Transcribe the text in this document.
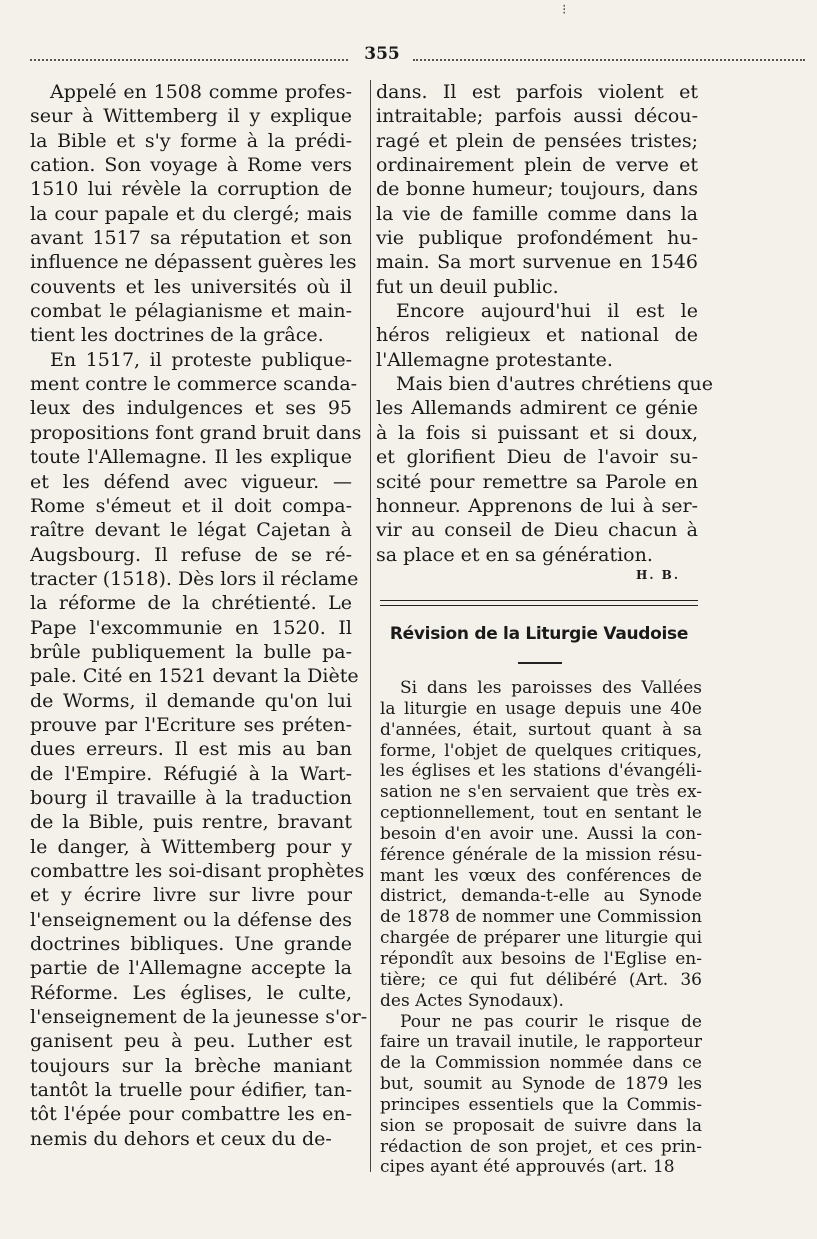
355
⁝
Appelé en 1508 comme profes-
seur à Wittemberg il y explique
la Bible et s'y forme à la prédi-
cation. Son voyage à Rome vers
1510 lui révèle la corruption de
la cour papale et du clergé; mais
avant 1517 sa réputation et son
influence ne dépassent guères les
couvents et les universités où il
combat le pélagianisme et main-
tient les doctrines de la grâce.
En 1517, il proteste publique-
ment contre le commerce scanda-
leux des indulgences et ses 95
propositions font grand bruit dans
toute l'Allemagne. Il les explique
et les défend avec vigueur. —
Rome s'émeut et il doit compa-
raître devant le légat Cajetan à
Augsbourg. Il refuse de se ré-
tracter (1518). Dès lors il réclame
la réforme de la chrétienté. Le
Pape l'excommunie en 1520. Il
brûle publiquement la bulle pa-
pale. Cité en 1521 devant la Diète
de Worms, il demande qu'on lui
prouve par l'Ecriture ses préten-
dues erreurs. Il est mis au ban
de l'Empire. Réfugié à la Wart-
bourg il travaille à la traduction
de la Bible, puis rentre, bravant
le danger, à Wittemberg pour y
combattre les soi-disant prophètes
et y écrire livre sur livre pour
l'enseignement ou la défense des
doctrines bibliques. Une grande
partie de l'Allemagne accepte la
Réforme. Les églises, le culte,
l'enseignement de la jeunesse s'or-
ganisent peu à peu. Luther est
toujours sur la brèche maniant
tantôt la truelle pour édifier, tan-
tôt l'épée pour combattre les en-
nemis du dehors et ceux du de-
dans. Il est parfois violent et
intraitable; parfois aussi décou-
ragé et plein de pensées tristes;
ordinairement plein de verve et
de bonne humeur; toujours, dans
la vie de famille comme dans la
vie publique profondément hu-
main. Sa mort survenue en 1546
fut un deuil public.
Encore aujourd'hui il est le
héros religieux et national de
l'Allemagne protestante.
Mais bien d'autres chrétiens que
les Allemands admirent ce génie
à la fois si puissant et si doux,
et glorifient Dieu de l'avoir su-
scité pour remettre sa Parole en
honneur. Apprenons de lui à ser-
vir au conseil de Dieu chacun à
sa place et en sa génération.
H. B.
Révision de la Liturgie Vaudoise
Si dans les paroisses des Vallées
la liturgie en usage depuis une 40e
d'années, était, surtout quant à sa
forme, l'objet de quelques critiques,
les églises et les stations d'évangéli-
sation ne s'en servaient que très ex-
ceptionnellement, tout en sentant le
besoin d'en avoir une. Aussi la con-
férence générale de la mission résu-
mant les vœux des conférences de
district, demanda-t-elle au Synode
de 1878 de nommer une Commission
chargée de préparer une liturgie qui
répondît aux besoins de l'Eglise en-
tière; ce qui fut délibéré (Art. 36
des Actes Synodaux).
Pour ne pas courir le risque de
faire un travail inutile, le rapporteur
de la Commission nommée dans ce
but, soumit au Synode de 1879 les
principes essentiels que la Commis-
sion se proposait de suivre dans la
rédaction de son projet, et ces prin-
cipes ayant été approuvés (art. 18
